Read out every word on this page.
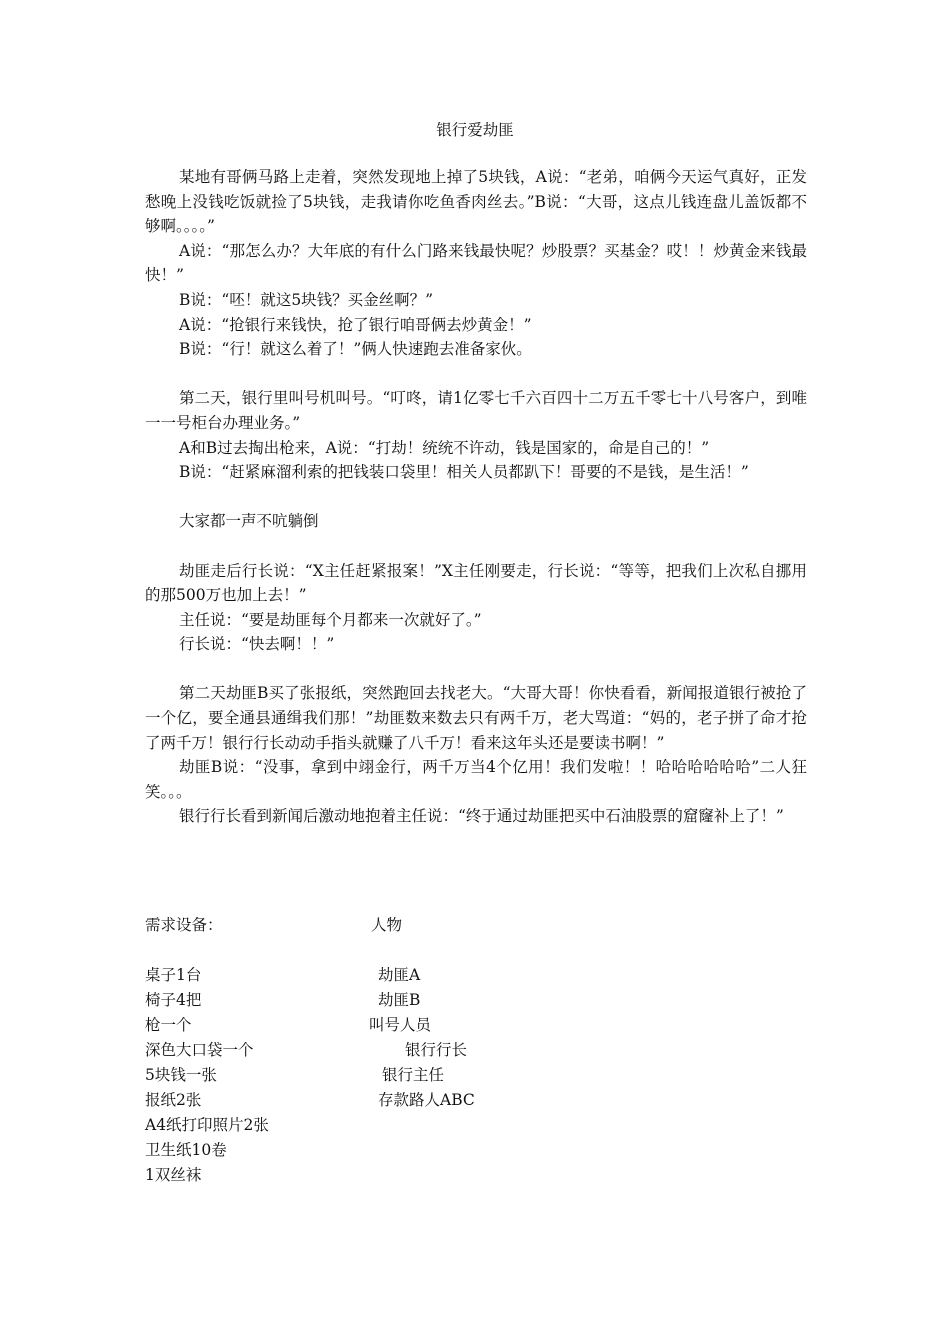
银行爱劫匪

某地有哥俩马路上走着，突然发现地上掉了5块钱，A说：“老弟，咱俩今天运气真好，正发愁晚上没钱吃饭就捡了5块钱，走我请你吃鱼香肉丝去。”B说：“大哥，这点儿钱连盘儿盖饭都不够啊。。。。”

A说：“那怎么办？大年底的有什么门路来钱最快呢？炒股票？买基金？哎！！炒黄金来钱最快！”

B说：“呸！就这5块钱？买金丝啊？”

A说：“抢银行来钱快，抢了银行咱哥俩去炒黄金！”

B说：“行！就这么着了！”俩人快速跑去准备家伙。

第二天，银行里叫号机叫号。“叮咚，请1亿零七千六百四十二万五千零七十八号客户，到唯一一号柜台办理业务。”

A和B过去掏出枪来，A说：“打劫！统统不许动，钱是国家的，命是自己的！”

B说：“赶紧麻溜利索的把钱装口袋里！相关人员都趴下！哥要的不是钱，是生活！”

大家都一声不吭躺倒

劫匪走后行长说：“X主任赶紧报案！”X主任刚要走，行长说：“等等，把我们上次私自挪用的那500万也加上去！”

主任说：“要是劫匪每个月都来一次就好了。”

行长说：“快去啊！！”

第二天劫匪B买了张报纸，突然跑回去找老大。“大哥大哥！你快看看，新闻报道银行被抢了一个亿，要全通县通缉我们那！”劫匪数来数去只有两千万，老大骂道：“妈的，老子拼了命才抢了两千万！银行行长动动手指头就赚了八千万！看来这年头还是要读书啊！”

劫匪B说：“没事，拿到中翊金行，两千万当4个亿用！我们发啦！！哈哈哈哈哈哈”二人狂笑。。。

银行行长看到新闻后激动地抱着主任说：“终于通过劫匪把买中石油股票的窟窿补上了！”

需求设备：
桌子1台
椅子4把
枪一个
深色大口袋一个
5块钱一张
报纸2张
A4纸打印照片2张
卫生纸10卷
1双丝袜
人物
劫匪A
劫匪B
叫号人员
银行行长
银行主任
存款路人ABC
